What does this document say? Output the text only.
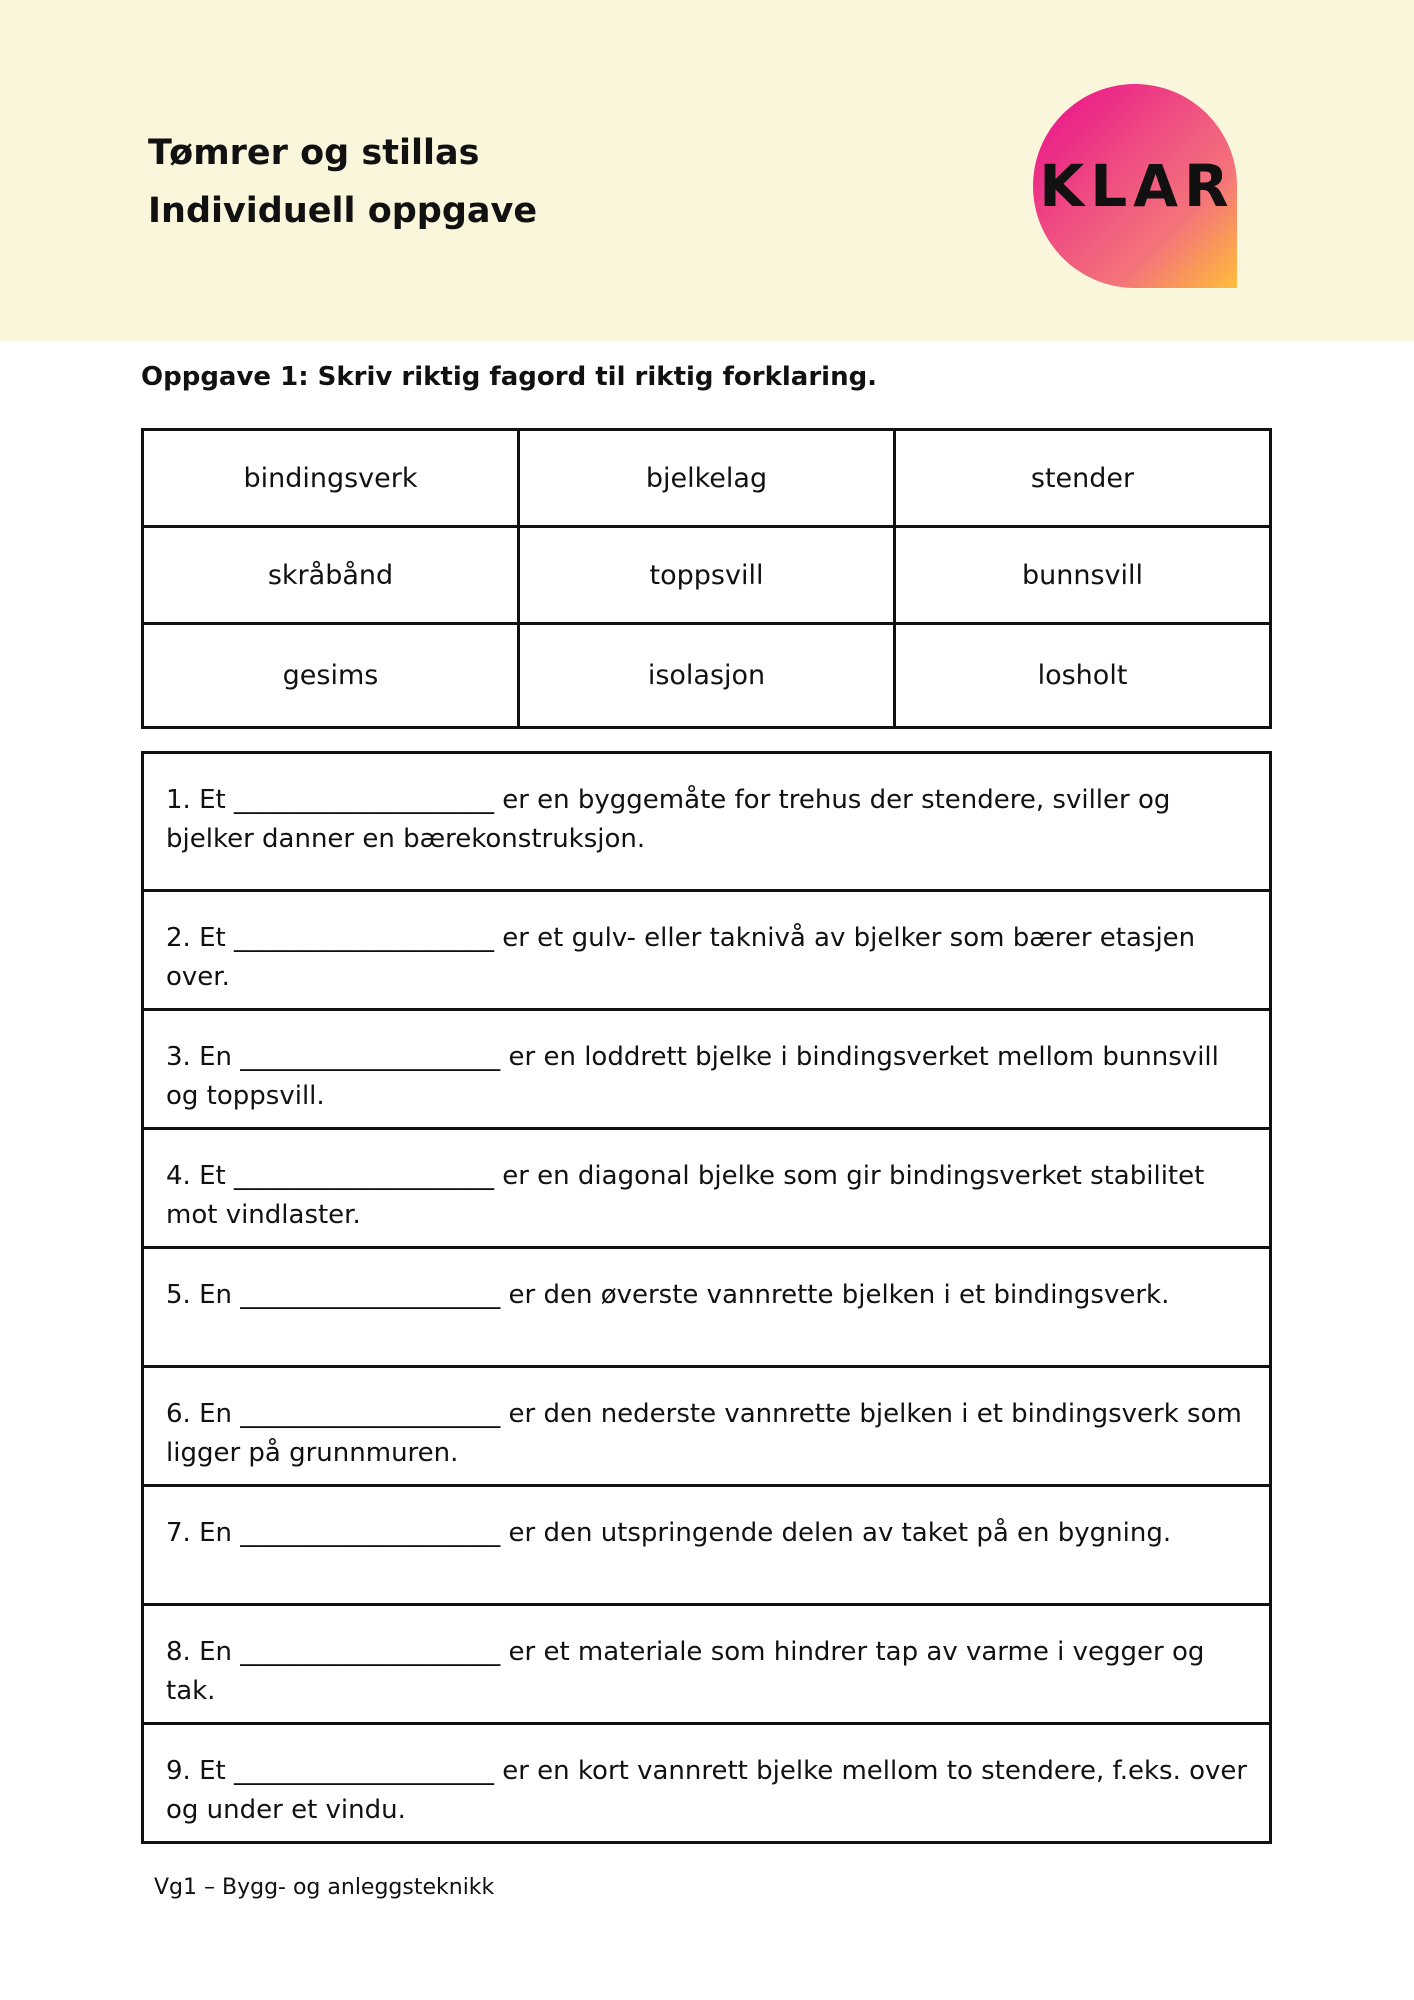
Tømrer og stillas
Individuell oppgave	KLAR
Oppgave 1: Skriv riktig fagord til riktig forklaring.
bindingsverk	bjelkelag	stender
skråbånd	toppsvill	bunnsvill
gesims	isolasjon	losholt
1. Et ____________________ er en byggemåte for trehus der stendere, sviller og bjelker danner en bærekonstruksjon.
2. Et ____________________ er et gulv- eller taknivå av bjelker som bærer etasjen over.
3. En ____________________ er en loddrett bjelke i bindingsverket mellom bunnsvill og toppsvill.
4. Et ____________________ er en diagonal bjelke som gir bindingsverket stabilitet mot vindlaster.
5. En ____________________ er den øverste vannrette bjelken i et bindingsverk.
6. En ____________________ er den nederste vannrette bjelken i et bindingsverk som ligger på grunnmuren.
7. En ____________________ er den utspringende delen av taket på en bygning.
8. En ____________________ er et materiale som hindrer tap av varme i vegger og tak.
9. Et ____________________ er en kort vannrett bjelke mellom to stendere, f.eks. over og under et vindu.
Vg1 – Bygg- og anleggsteknikk
